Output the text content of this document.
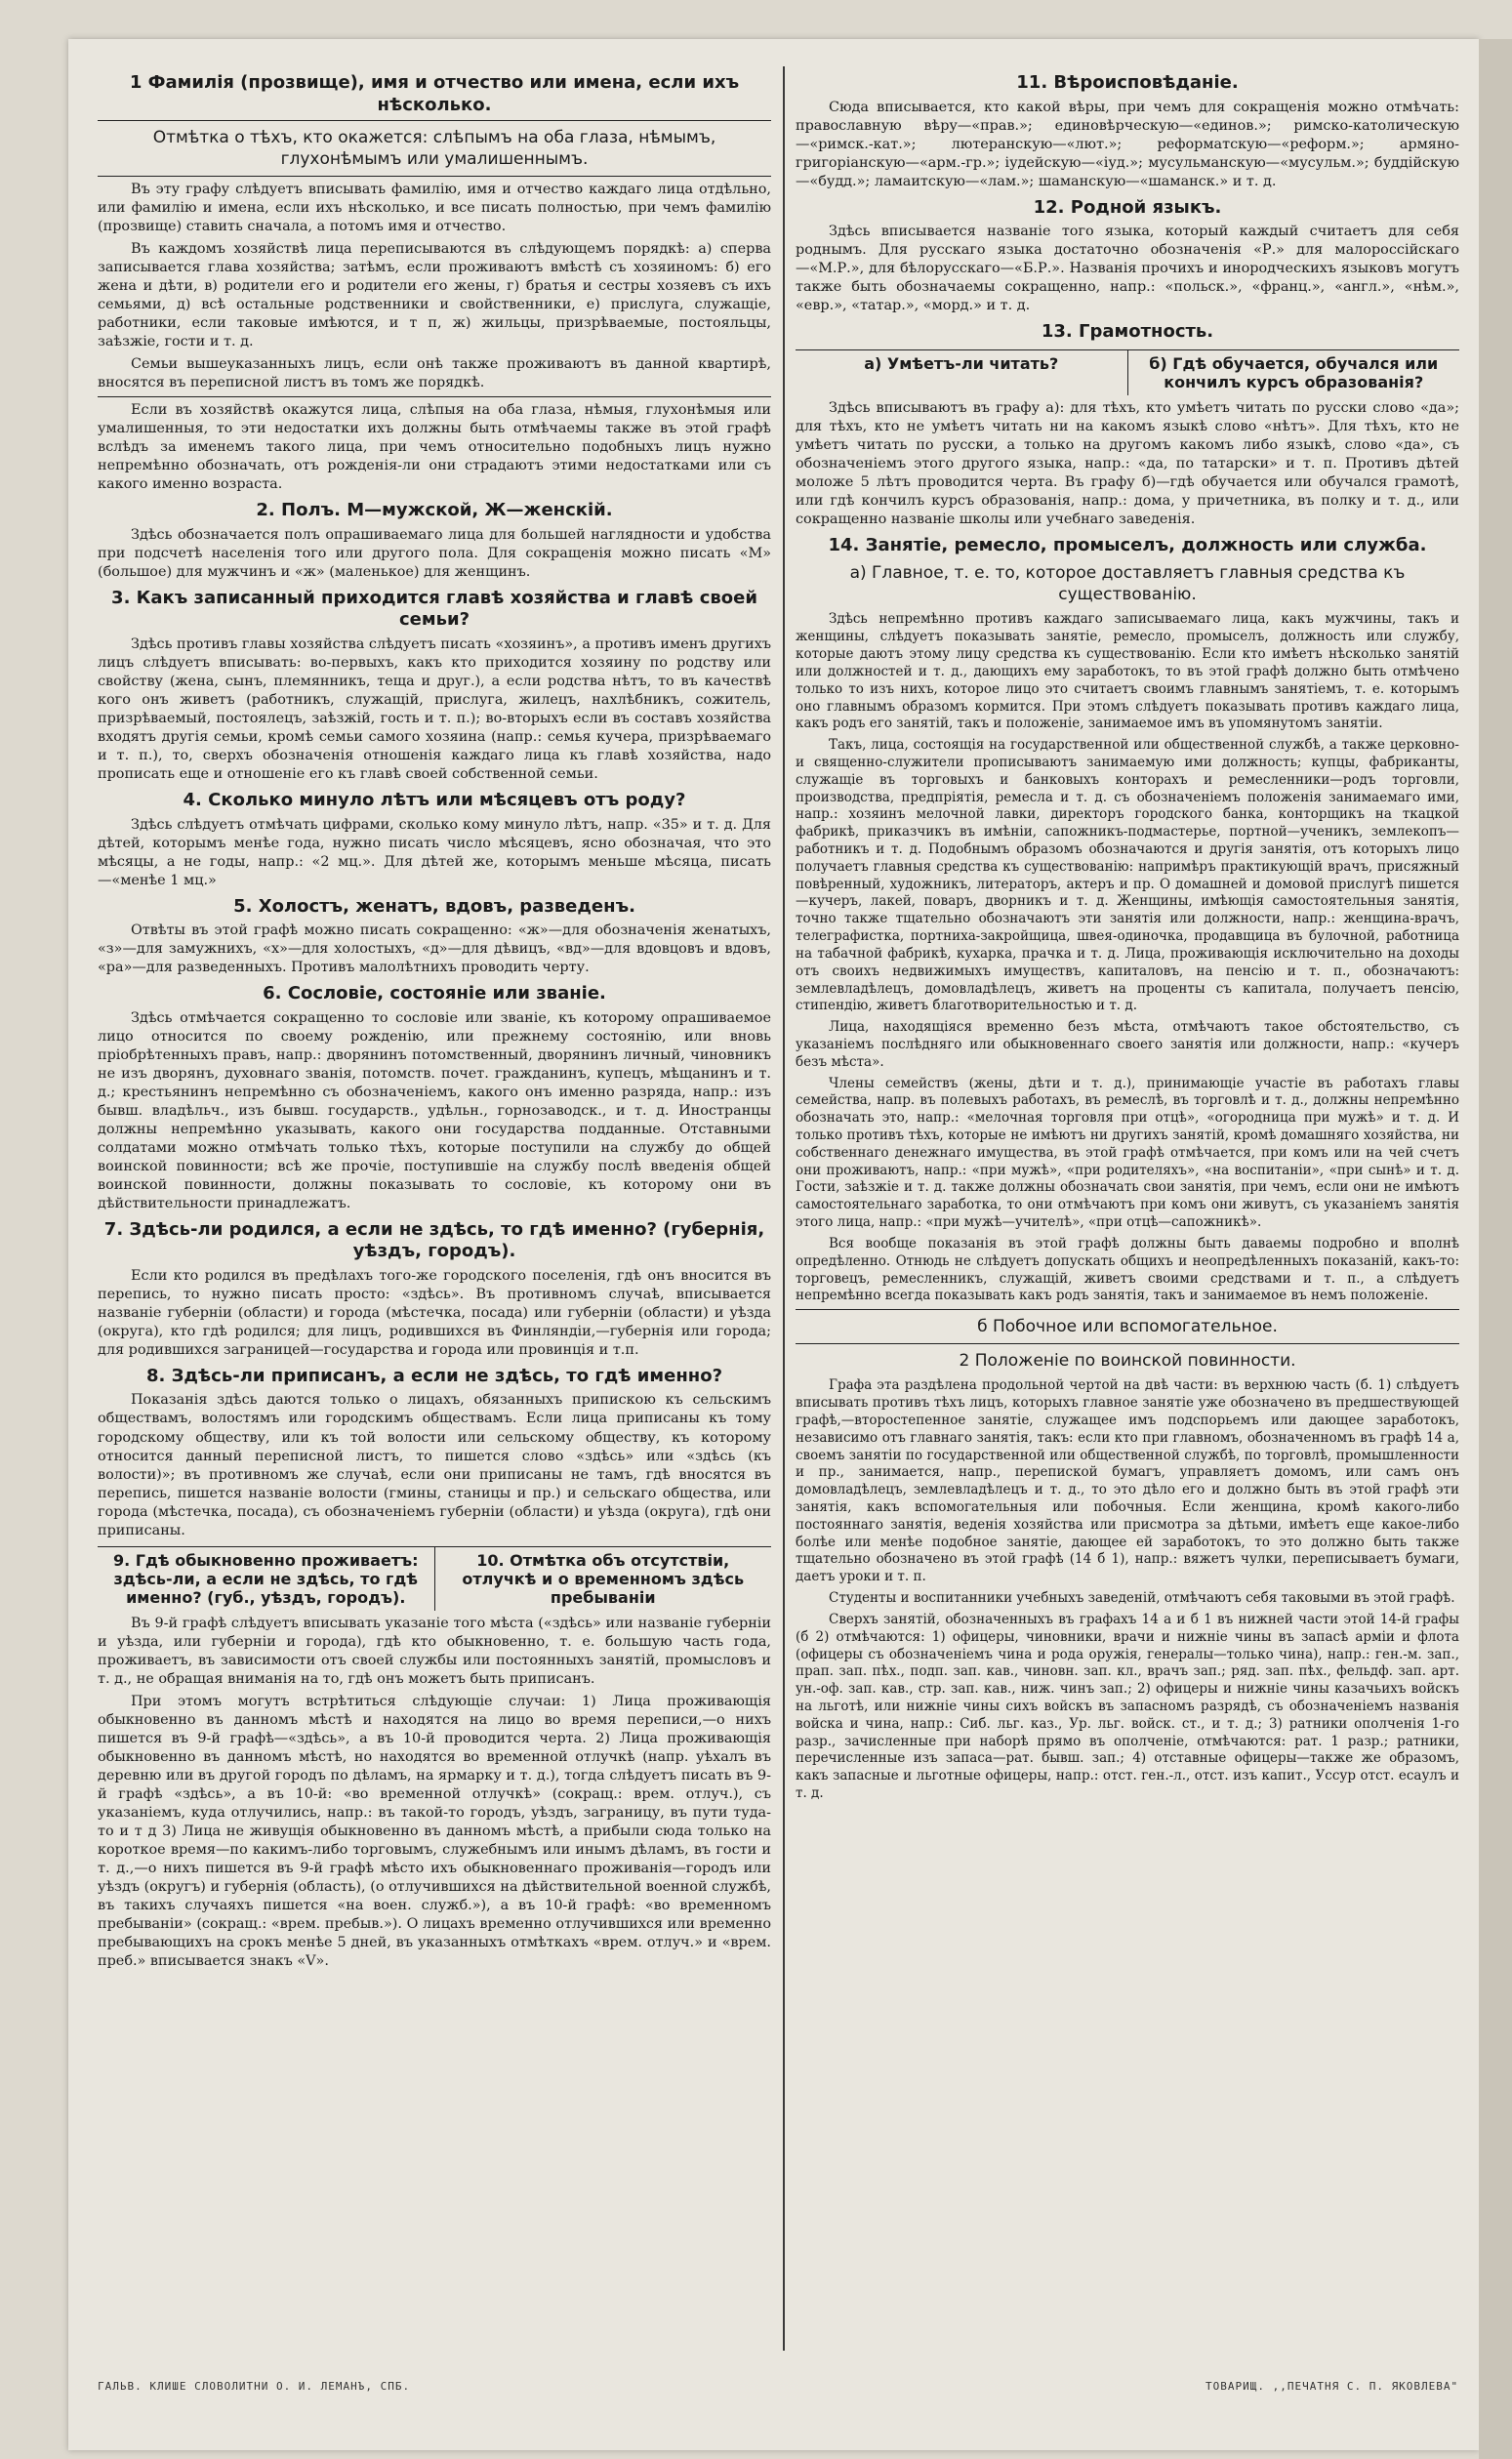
1 Фамилія (прозвище), имя и отчество или имена, если ихъ нѣсколько.
Отмѣтка о тѣхъ, кто окажется: слѣпымъ на оба глаза, нѣмымъ, глухонѣмымъ или умалишеннымъ.

Въ эту графу слѣдуетъ вписывать фамилію, имя и отчество каждаго лица отдѣльно, или фамилію и имена, если ихъ нѣсколько, и все писать полностью, при чемъ фамилію (прозвище) ставить сначала, а потомъ имя и отчество.

Въ каждомъ хозяйствѣ лица переписываются въ слѣдующемъ порядкѣ: а) сперва записывается глава хозяйства; затѣмъ, если проживаютъ вмѣстѣ съ хозяиномъ: б) его жена и дѣти, в) родители его и родители его жены, г) братья и сестры хозяевъ съ ихъ семьями, д) всѣ остальные родственники и свойственники, е) прислуга, служащіе, работники, если таковые имѣются, и т п, ж) жильцы, призрѣваемые, постояльцы, заѣзжіе, гости и т. д.

Семьи вышеуказанныхъ лицъ, если онѣ также проживаютъ въ данной квартирѣ, вносятся въ переписной листъ въ томъ же порядкѣ.

Если въ хозяйствѣ окажутся лица, слѣпыя на оба глаза, нѣмыя, глухонѣмыя или умалишенныя, то эти недостатки ихъ должны быть отмѣчаемы также въ этой графѣ вслѣдъ за именемъ такого лица, при чемъ относительно подобныхъ лицъ нужно непремѣнно обозначать, отъ рожденія-ли они страдаютъ этими недостатками или съ какого именно возраста.

2. Полъ. М—мужской, Ж—женскій.

Здѣсь обозначается полъ опрашиваемаго лица для большей наглядности и удобства при подсчетѣ населенія того или другого пола. Для сокращенія можно писать «М» (большое) для мужчинъ и «ж» (маленькое) для женщинъ.

3. Какъ записанный приходится главѣ хозяйства и главѣ своей семьи?

Здѣсь противъ главы хозяйства слѣдуетъ писать «хозяинъ», а противъ именъ другихъ лицъ слѣдуетъ вписывать: во-первыхъ, какъ кто приходится хозяину по родству или свойству (жена, сынъ, племянникъ, теща и друг.), а если родства нѣтъ, то въ качествѣ кого онъ живетъ (работникъ, служащій, прислуга, жилецъ, нахлѣбникъ, сожитель, призрѣваемый, постоялецъ, заѣзжій, гость и т. п.); во-вторыхъ если въ составъ хозяйства входятъ другія семьи, кромѣ семьи самого хозяина (напр.: семья кучера, призрѣваемаго и т. п.), то, сверхъ обозначенія отношенія каждаго лица къ главѣ хозяйства, надо прописать еще и отношеніе его къ главѣ своей собственной семьи.

4. Сколько минуло лѣтъ или мѣсяцевъ отъ роду?

Здѣсь слѣдуетъ отмѣчать цифрами, сколько кому минуло лѣтъ, напр. «35» и т. д. Для дѣтей, которымъ менѣе года, нужно писать число мѣсяцевъ, ясно обозначая, что это мѣсяцы, а не годы, напр.: «2 мц.». Для дѣтей же, которымъ меньше мѣсяца, писать—«менѣе 1 мц.»

5. Холостъ, женатъ, вдовъ, разведенъ.

Отвѣты въ этой графѣ можно писать сокращенно: «ж»—для обозначенія женатыхъ, «з»—для замужнихъ, «х»—для холостыхъ, «д»—для дѣвицъ, «вд»—для вдовцовъ и вдовъ, «ра»—для разведенныхъ. Противъ малолѣтнихъ проводить черту.

6. Сословіе, состояніе или званіе.

Здѣсь отмѣчается сокращенно то сословіе или званіе, къ которому опрашиваемое лицо относится по своему рожденію, или прежнему состоянію, или вновь пріобрѣтенныхъ правъ, напр.: дворянинъ потомственный, дворянинъ личный, чиновникъ не изъ дворянъ, духовнаго званія, потомств. почет. гражданинъ, купецъ, мѣщанинъ и т. д.; крестьянинъ непремѣнно съ обозначеніемъ, какого онъ именно разряда, напр.: изъ бывш. владѣльч., изъ бывш. государств., удѣльн., горнозаводск., и т. д. Иностранцы должны непремѣнно указывать, какого они государства подданные. Отставными солдатами можно отмѣчать только тѣхъ, которые поступили на службу до общей воинской повинности; всѣ же прочіе, поступившіе на службу послѣ введенія общей воинской повинности, должны показывать то сословіе, къ которому они въ дѣйствительности принадлежатъ.

7. Здѣсь-ли родился, а если не здѣсь, то гдѣ именно? (губернія, уѣздъ, городъ).

Если кто родился въ предѣлахъ того-же городского поселенія, гдѣ онъ вносится въ перепись, то нужно писать просто: «здѣсь». Въ противномъ случаѣ, вписывается названіе губерніи (области) и города (мѣстечка, посада) или губерніи (области) и уѣзда (округа), кто гдѣ родился; для лицъ, родившихся въ Финляндіи,—губернія или города; для родившихся заграницей—государства и города или провинція и т.п.

8. Здѣсь-ли приписанъ, а если не здѣсь, то гдѣ именно?

Показанія здѣсь даются только о лицахъ, обязанныхъ припискою къ сельскимъ обществамъ, волостямъ или городскимъ обществамъ. Если лица приписаны къ тому городскому обществу, или къ той волости или сельскому обществу, къ которому относится данный переписной листъ, то пишется слово «здѣсь» или «здѣсь (къ волости)»; въ противномъ же случаѣ, если они приписаны не тамъ, гдѣ вносятся въ перепись, пишется названіе волости (гмины, станицы и пр.) и сельскаго общества, или города (мѣстечка, посада), съ обозначеніемъ губерніи (области) и уѣзда (округа), гдѣ они приписаны.

9. Гдѣ обыкновенно проживаетъ: здѣсь-ли, а если не здѣсь, то гдѣ именно? (губ., уѣздъ, городъ).
10. Отмѣтка объ отсутствіи, отлучкѣ и о временномъ здѣсь пребываніи

Въ 9-й графѣ слѣдуетъ вписывать указаніе того мѣста («здѣсь» или названіе губерніи и уѣзда, или губерніи и города), гдѣ кто обыкновенно, т. е. большую часть года, проживаетъ, въ зависимости отъ своей службы или постоянныхъ занятій, промысловъ и т. д., не обращая вниманія на то, гдѣ онъ можетъ быть приписанъ.

При этомъ могутъ встрѣтиться слѣдующіе случаи: 1) Лица проживающія обыкновенно въ данномъ мѣстѣ и находятся на лицо во время переписи,—о нихъ пишется въ 9-й графѣ—«здѣсь», а въ 10-й проводится черта. 2) Лица проживающія обыкновенно въ данномъ мѣстѣ, но находятся во временной отлучкѣ (напр. уѣхалъ въ деревню или въ другой городъ по дѣламъ, на ярмарку и т. д.), тогда слѣдуетъ писать въ 9-й графѣ «здѣсь», а въ 10-й: «во временной отлучкѣ» (сокращ.: врем. отлуч.), съ указаніемъ, куда отлучились, напр.: въ такой-то городъ, уѣздъ, заграницу, въ пути туда-то и т д 3) Лица не живущія обыкновенно въ данномъ мѣстѣ, а прибыли сюда только на короткое время—по какимъ-либо торговымъ, служебнымъ или инымъ дѣламъ, въ гости и т. д.,—о нихъ пишется въ 9-й графѣ мѣсто ихъ обыкновеннаго проживанія—городъ или уѣздъ (округъ) и губернія (область), (о отлучившихся на дѣйствительной военной службѣ, въ такихъ случаяхъ пишется «на воен. служб.»), а въ 10-й графѣ: «во временномъ пребываніи» (сокращ.: «врем. пребыв.»). О лицахъ временно отлучившихся или временно пребывающихъ на срокъ менѣе 5 дней, въ указанныхъ отмѣткахъ «врем. отлуч.» и «врем. преб.» вписывается знакъ «V».

11. Вѣроисповѣданіе.

Сюда вписывается, кто какой вѣры, при чемъ для сокращенія можно отмѣчать: православную вѣру—«прав.»; единовѣрческую—«единов.»; римско-католическую—«римск.-кат.»; лютеранскую—«лют.»; реформатскую—«реформ.»; армяно-григоріанскую—«арм.-гр.»; іудейскую—«іуд.»; мусульманскую—«мусульм.»; буддійскую—«будд.»; ламаитскую—«лам.»; шаманскую—«шаманск.» и т. д.

12. Родной языкъ.

Здѣсь вписывается названіе того языка, который каждый считаетъ для себя роднымъ. Для русскаго языка достаточно обозначенія «Р.» для малороссійскаго—«М.Р.», для бѣлорусскаго—«Б.Р.». Названія прочихъ и инородческихъ языковъ могутъ также быть обозначаемы сокращенно, напр.: «польск.», «франц.», «англ.», «нѣм.», «евр.», «татар.», «морд.» и т. д.

13. Грамотность.
а) Умѣетъ-ли читать?	б) Гдѣ обучается, обучался или кончилъ курсъ образованія?

Здѣсь вписываютъ въ графу а): для тѣхъ, кто умѣетъ читать по русски слово «да»; для тѣхъ, кто не умѣетъ читать ни на какомъ языкѣ слово «нѣтъ». Для тѣхъ, кто не умѣетъ читать по русски, а только на другомъ какомъ либо языкѣ, слово «да», съ обозначеніемъ этого другого языка, напр.: «да, по татарски» и т. п. Противъ дѣтей моложе 5 лѣтъ проводится черта. Въ графу б)—гдѣ обучается или обучался грамотѣ, или гдѣ кончилъ курсъ образованія, напр.: дома, у причетника, въ полку и т. д., или сокращенно названіе школы или учебнаго заведенія.

14. Занятіе, ремесло, промыселъ, должность или служба.
а) Главное, т. е. то, которое доставляетъ главныя средства къ существованію.

Здѣсь непремѣнно противъ каждаго записываемаго лица, какъ мужчины, такъ и женщины, слѣдуетъ показывать занятіе, ремесло, промыселъ, должность или службу, которые даютъ этому лицу средства къ существованію. Если кто имѣетъ нѣсколько занятій или должностей и т. д., дающихъ ему заработокъ, то въ этой графѣ должно быть отмѣчено только то изъ нихъ, которое лицо это считаетъ своимъ главнымъ занятіемъ, т. е. которымъ оно главнымъ образомъ кормится. При этомъ слѣдуетъ показывать противъ каждаго лица, какъ родъ его занятій, такъ и положеніе, занимаемое имъ въ упомянутомъ занятіи.

Такъ, лица, состоящія на государственной или общественной службѣ, а также церковно- и священно-служители прописываютъ занимаемую ими должность; купцы, фабриканты, служащіе въ торговыхъ и банковыхъ конторахъ и ремесленники—родъ торговли, производства, предпріятія, ремесла и т. д. съ обозначеніемъ положенія занимаемаго ими, напр.: хозяинъ мелочной лавки, директоръ городского банка, конторщикъ на ткацкой фабрикѣ, приказчикъ въ имѣніи, сапожникъ-подмастерье, портной—ученикъ, землекопъ—работникъ и т. д. Подобнымъ образомъ обозначаются и другія занятія, отъ которыхъ лицо получаетъ главныя средства къ существованію: напримѣръ практикующій врачъ, присяжный повѣренный, художникъ, литераторъ, актеръ и пр. О домашней и домовой прислугѣ пишется—кучеръ, лакей, поваръ, дворникъ и т. д. Женщины, имѣющія самостоятельныя занятія, точно также тщательно обозначаютъ эти занятія или должности, напр.: женщина-врачъ, телеграфистка, портниха-закройщица, швея-одиночка, продавщица въ булочной, работница на табачной фабрикѣ, кухарка, прачка и т. д. Лица, проживающія исключительно на доходы отъ своихъ недвижимыхъ имуществъ, капиталовъ, на пенсію и т. п., обозначаютъ: землевладѣлецъ, домовладѣлецъ, живетъ на проценты съ капитала, получаетъ пенсію, стипендію, живетъ благотворительностью и т. д.

Лица, находящіяся временно безъ мѣста, отмѣчаютъ такое обстоятельство, съ указаніемъ послѣдняго или обыкновеннаго своего занятія или должности, напр.: «кучеръ безъ мѣста».

Члены семействъ (жены, дѣти и т. д.), принимающіе участіе въ работахъ главы семейства, напр. въ полевыхъ работахъ, въ ремеслѣ, въ торговлѣ и т. д., должны непремѣнно обозначать это, напр.: «мелочная торговля при отцѣ», «огородница при мужѣ» и т. д. И только противъ тѣхъ, которые не имѣютъ ни другихъ занятій, кромѣ домашняго хозяйства, ни собственнаго денежнаго имущества, въ этой графѣ отмѣчается, при комъ или на чей счетъ они проживаютъ, напр.: «при мужѣ», «при родителяхъ», «на воспитаніи», «при сынѣ» и т. д. Гости, заѣзжіе и т. д. также должны обозначать свои занятія, при чемъ, если они не имѣютъ самостоятельнаго заработка, то они отмѣчаютъ при комъ они живутъ, съ указаніемъ занятія этого лица, напр.: «при мужѣ—учителѣ», «при отцѣ—сапожникѣ».

Вся вообще показанія въ этой графѣ должны быть даваемы подробно и вполнѣ опредѣленно. Отнюдь не слѣдуетъ допускать общихъ и неопредѣленныхъ показаній, какъ-то: торговецъ, ремесленникъ, служащій, живетъ своими средствами и т. п., а слѣдуетъ непремѣнно всегда показывать какъ родъ занятія, такъ и занимаемое въ немъ положеніе.

б Побочное или вспомогательное.
2 Положеніе по воинской повинности.

Графа эта раздѣлена продольной чертой на двѣ части: въ верхнюю часть (б. 1) слѣдуетъ вписывать противъ тѣхъ лицъ, которыхъ главное занятіе уже обозначено въ предшествующей графѣ,—второстепенное занятіе, служащее имъ подспорьемъ или дающее заработокъ, независимо отъ главнаго занятія, такъ: если кто при главномъ, обозначенномъ въ графѣ 14 а, своемъ занятіи по государственной или общественной службѣ, по торговлѣ, промышленности и пр., занимается, напр., перепиской бумагъ, управляетъ домомъ, или самъ онъ домовладѣлецъ, землевладѣлецъ и т. д., то это дѣло его и должно быть въ этой графѣ эти занятія, какъ вспомогательныя или побочныя. Если женщина, кромѣ какого-либо постояннаго занятія, веденія хозяйства или присмотра за дѣтьми, имѣетъ еще какое-либо болѣе или менѣе подобное занятіе, дающее ей заработокъ, то это должно быть также тщательно обозначено въ этой графѣ (14 б 1), напр.: вяжетъ чулки, переписываетъ бумаги, даетъ уроки и т. п.

Студенты и воспитанники учебныхъ заведеній, отмѣчаютъ себя таковыми въ этой графѣ.

Сверхъ занятій, обозначенныхъ въ графахъ 14 а и б 1 въ нижней части этой 14-й графы (б 2) отмѣчаются: 1) офицеры, чиновники, врачи и нижніе чины въ запасѣ арміи и флота (офицеры съ обозначеніемъ чина и рода оружія, генералы—только чина), напр.: ген.-м. зап., прап. зап. пѣх., подп. зап. кав., чиновн. зап. кл., врачъ зап.; ряд. зап. пѣх., фельдф. зап. арт. ун.-оф. зап. кав., стр. зап. кав., ниж. чинъ зап.; 2) офицеры и нижніе чины казачьихъ войскъ на льготѣ, или нижніе чины сихъ войскъ въ запасномъ разрядѣ, съ обозначеніемъ названія войска и чина, напр.: Сиб. льг. каз., Ур. льг. войск. ст., и т. д.; 3) ратники ополченія 1-го разр., зачисленные при наборѣ прямо въ ополченіе, отмѣчаются: рат. 1 разр.; ратники, перечисленные изъ запаса—рат. бывш. зап.; 4) отставные офицеры—также же образомъ, какъ запасные и льготные офицеры, напр.: отст. ген.-л., отст. изъ капит., Уссур отст. есаулъ и т. д.

ГАЛЬВ. КЛИШЕ СЛОВОЛИТНИ О. И. ЛЕМАНЪ, СПБ.	ТОВАРИЩ. ,,ПЕЧАТНЯ С. П. ЯКОВЛЕВА"
